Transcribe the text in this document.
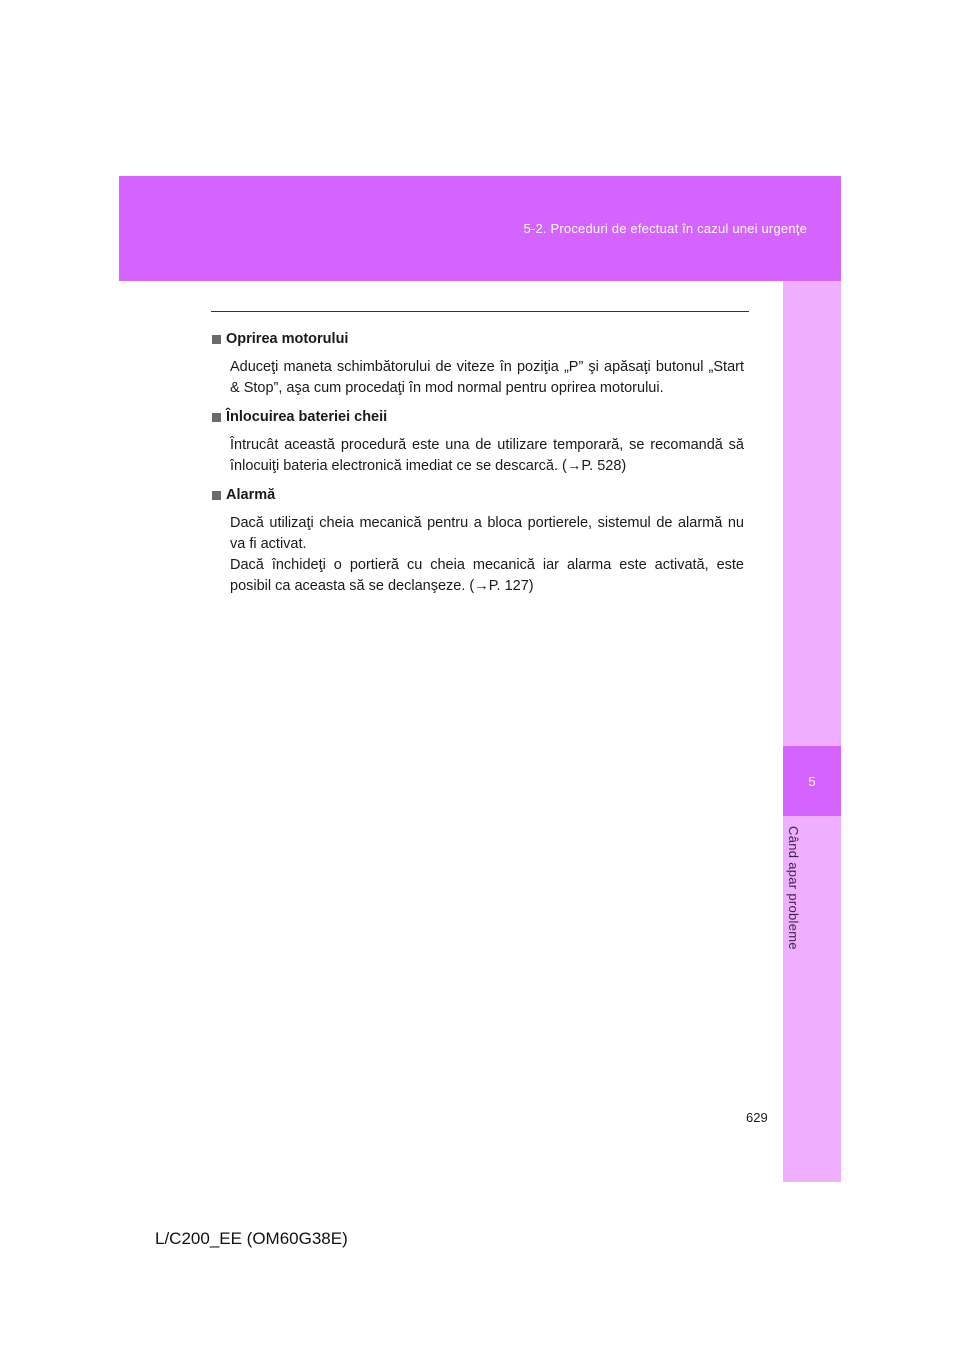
5-2. Proceduri de efectuat în cazul unei urgenţe
5
Când apar probleme
Oprirea motorului

Aduceţi maneta schimbătorului de viteze în poziţia „P” şi apăsaţi butonul „Start & Stop”, aşa cum procedaţi în mod normal pentru oprirea motorului.

Înlocuirea bateriei cheii

Întrucât această procedură este una de utilizare temporară, se recomandă să înlocuiţi bateria electronică imediat ce se descarcă. (→P. 528)

Alarmă

Dacă utilizaţi cheia mecanică pentru a bloca portierele, sistemul de alarmă nu va fi activat.

Dacă închideţi o portieră cu cheia mecanică iar alarma este activată, este posibil ca aceasta să se declanşeze. (→P. 127)

629
L/C200_EE (OM60G38E)
